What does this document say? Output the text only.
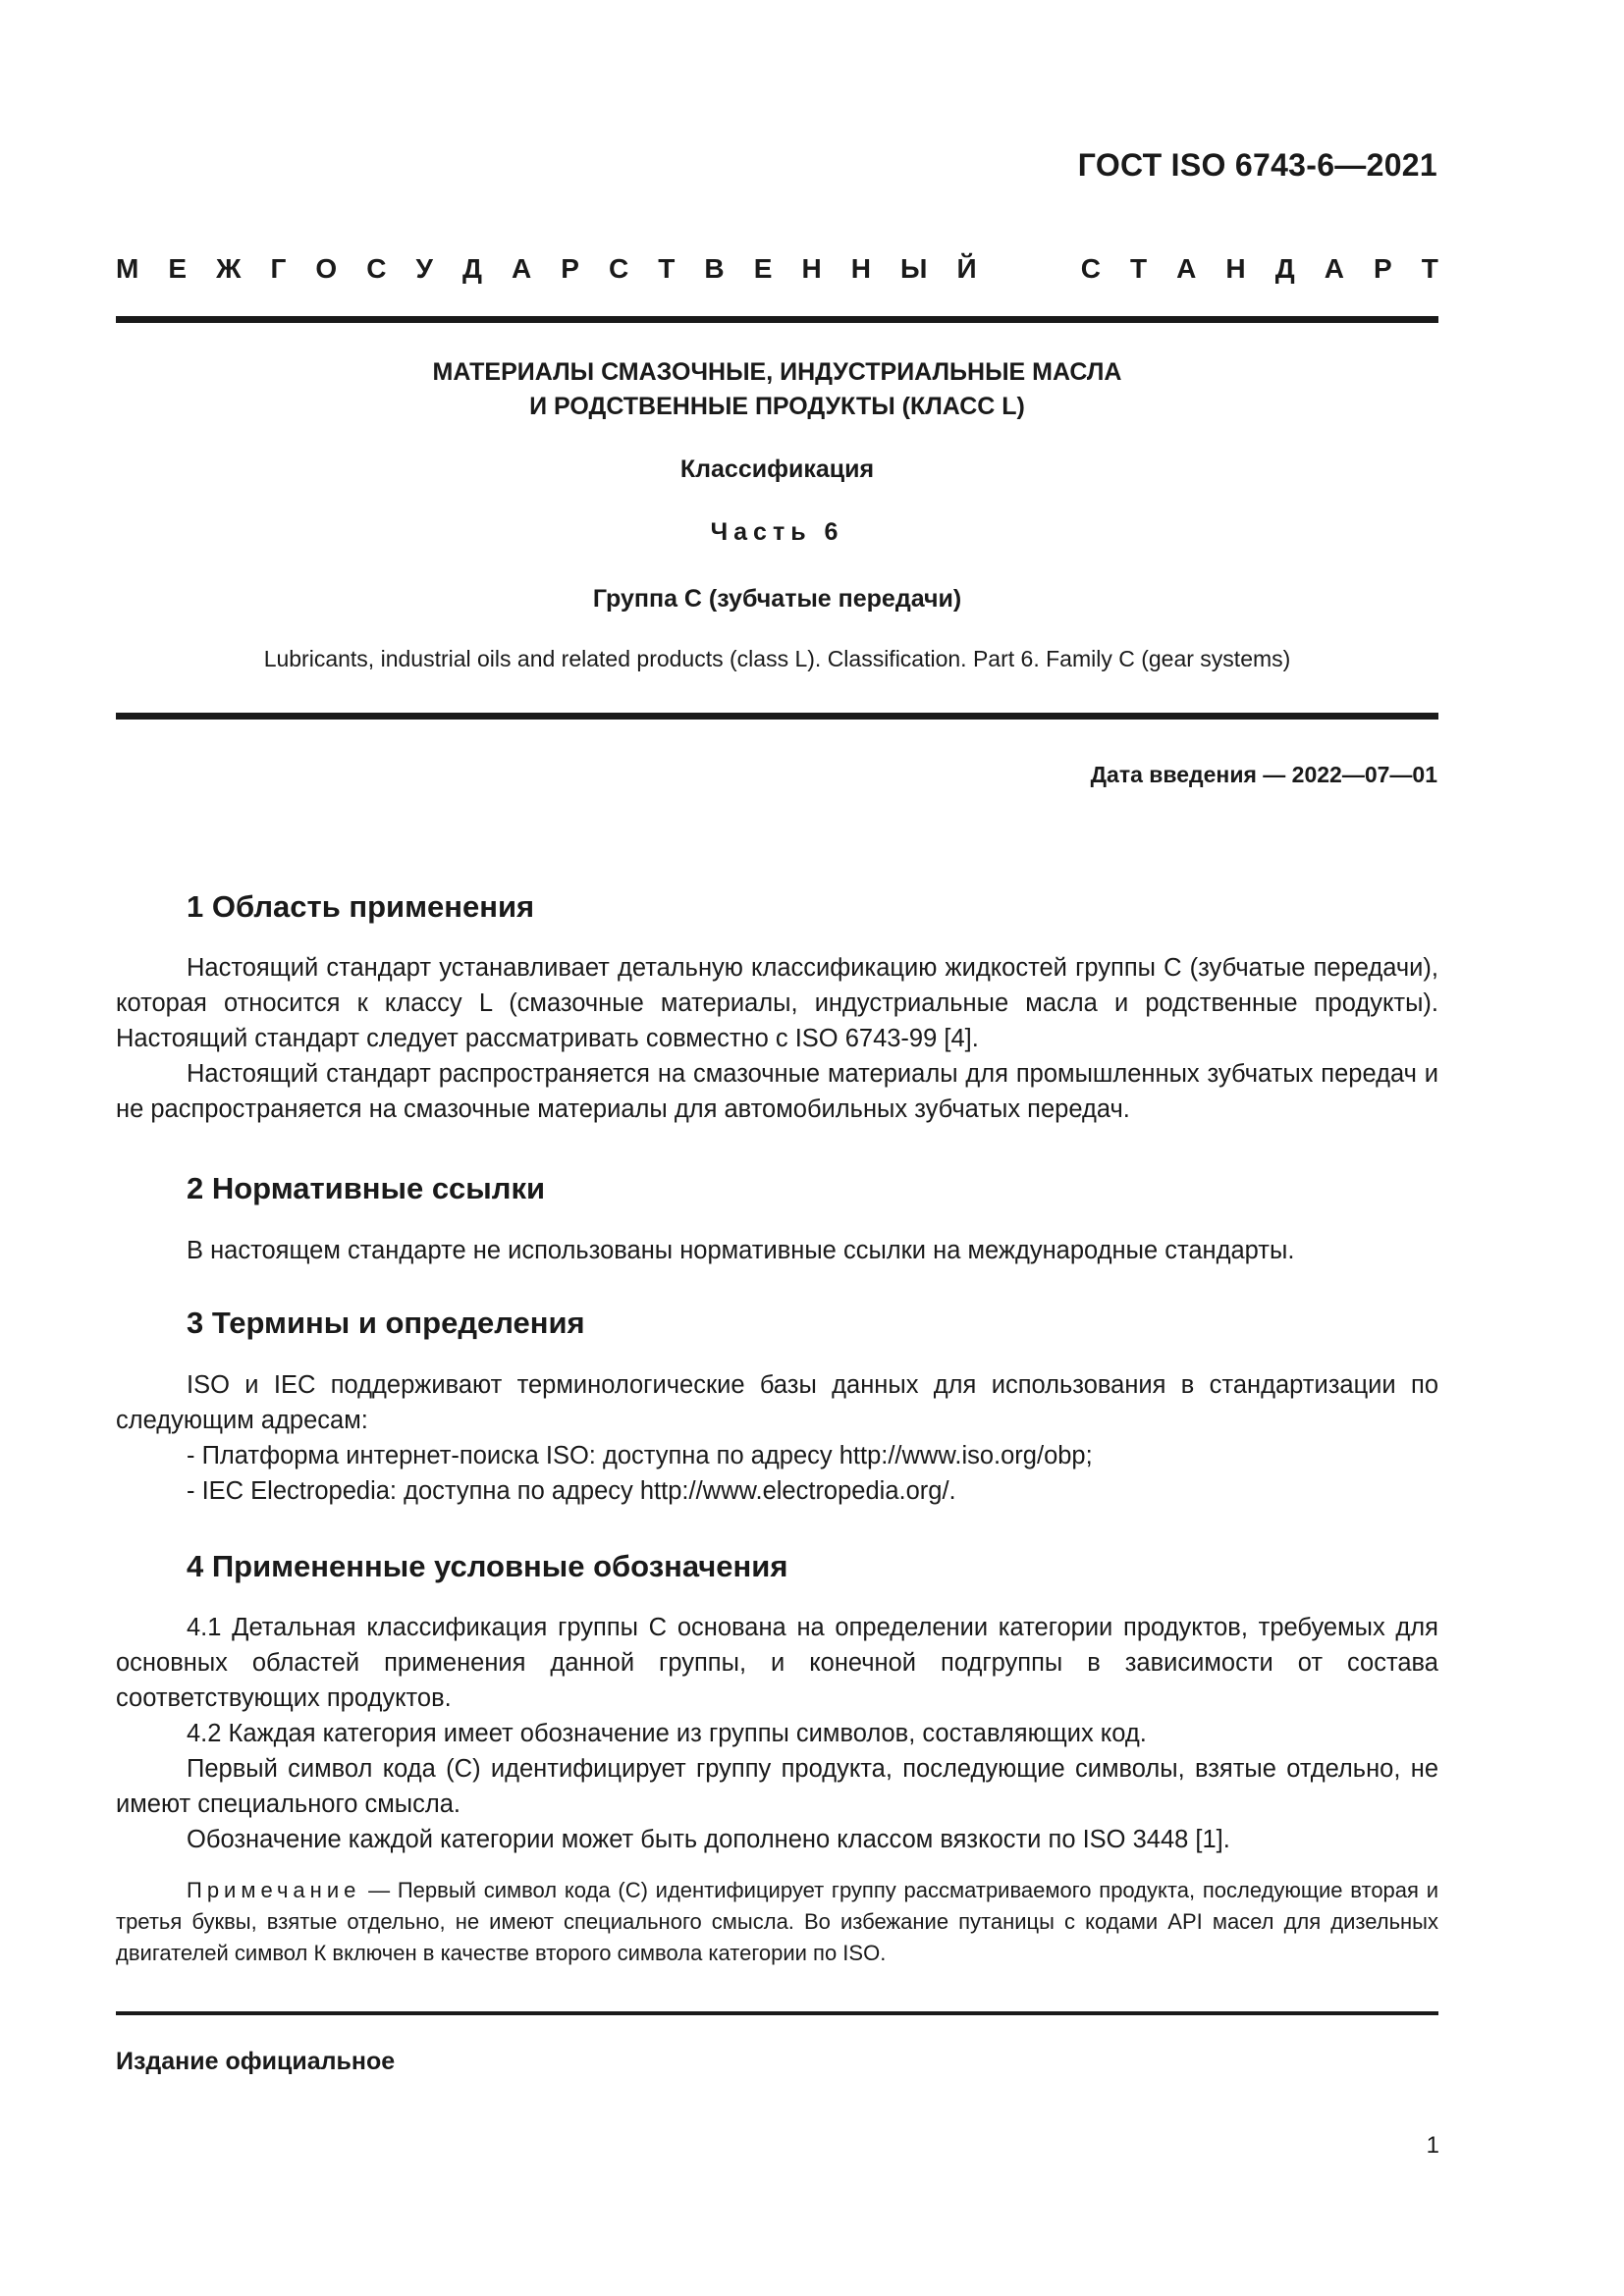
ГОСТ ISO 6743-6—2021
М Е Ж Г О С У Д А Р С Т В Е Н Н Ы Й	С Т А Н Д А Р Т
МАТЕРИАЛЫ СМАЗОЧНЫЕ, ИНДУСТРИАЛЬНЫЕ МАСЛА
И РОДСТВЕННЫЕ ПРОДУКТЫ (КЛАСС L)
Классификация
Часть 6
Группа С (зубчатые передачи)
Lubricants, industrial oils and related products (class L). Classification. Part 6. Family C (gear systems)
Дата введения — 2022—07—01
1 Область применения
Настоящий стандарт устанавливает детальную классификацию жидкостей группы С (зубчатые передачи), которая относится к классу L (смазочные материалы, индустриальные масла и родственные продукты). Настоящий стандарт следует рассматривать совместно с ISO 6743-99 [4].
Настоящий стандарт распространяется на смазочные материалы для промышленных зубчатых передач и не распространяется на смазочные материалы для автомобильных зубчатых передач.
2 Нормативные ссылки
В настоящем стандарте не использованы нормативные ссылки на международные стандарты.
3 Термины и определения
ISO и IEC поддерживают терминологические базы данных для использования в стандартизации по следующим адресам:
- Платформа интернет-поиска ISO: доступна по адресу http://www.iso.org/obp;
- IEC Electropedia: доступна по адресу http://www.electropedia.org/.
4 Примененные условные обозначения
4.1 Детальная классификация группы С основана на определении категории продуктов, требуемых для основных областей применения данной группы, и конечной подгруппы в зависимости от состава соответствующих продуктов.
4.2 Каждая категория имеет обозначение из группы символов, составляющих код.
Первый символ кода (С) идентифицирует группу продукта, последующие символы, взятые отдельно, не имеют специального смысла.
Обозначение каждой категории может быть дополнено классом вязкости по ISO 3448 [1].
Примечание — Первый символ кода (С) идентифицирует группу рассматриваемого продукта, последующие вторая и третья буквы, взятые отдельно, не имеют специального смысла. Во избежание путаницы с кодами API масел для дизельных двигателей символ К включен в качестве второго символа категории по ISO.
Издание официальное
1
